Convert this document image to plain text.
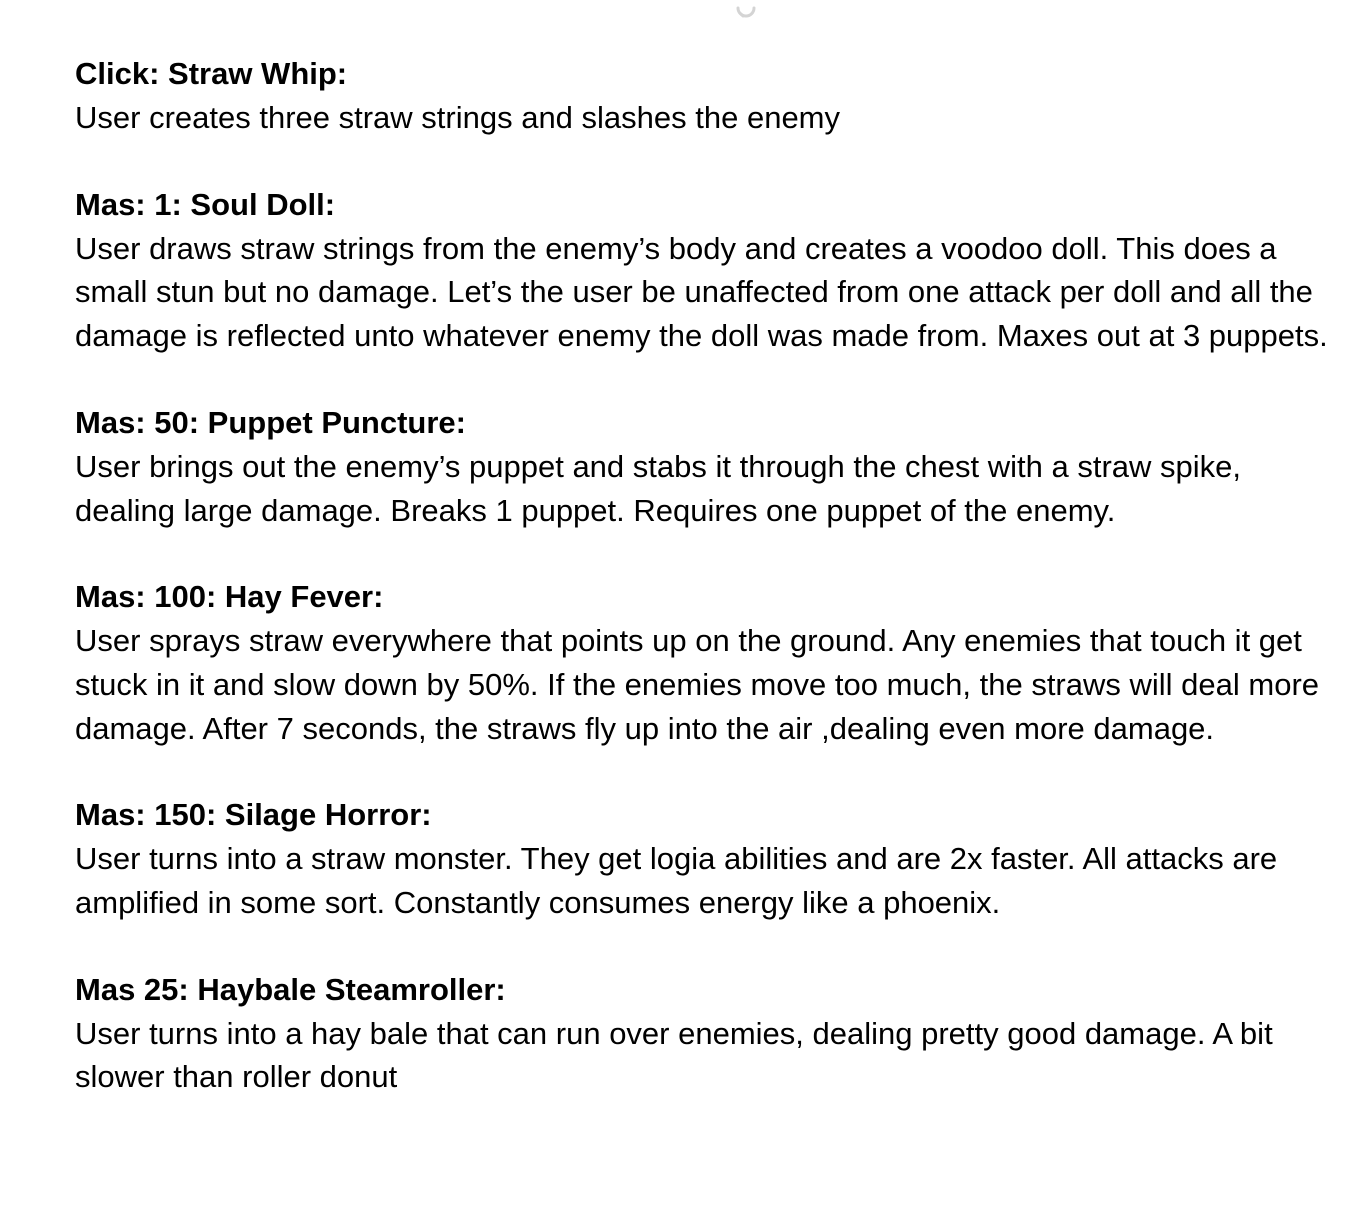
Click: Straw Whip:

User creates three straw strings and slashes the enemy

Mas: 1: Soul Doll:

User draws straw strings from the enemy’s body and creates a voodoo doll. This does a small stun but no damage. Let’s the user be unaffected from one attack per doll and all the damage is reflected unto whatever enemy the doll was made from. Maxes out at 3 puppets.

Mas: 50: Puppet Puncture:

User brings out the enemy’s puppet and stabs it through the chest with a straw spike, dealing large damage. Breaks 1 puppet. Requires one puppet of the enemy.

Mas: 100: Hay Fever:

User sprays straw everywhere that points up on the ground. Any enemies that touch it get stuck in it and slow down by 50%. If the enemies move too much, the straws will deal more damage. After 7 seconds, the straws fly up into the air ,dealing even more damage.

Mas: 150: Silage Horror:

User turns into a straw monster. They get logia abilities and are 2x faster. All attacks are amplified in some sort. Constantly consumes energy like a phoenix.

Mas 25: Haybale Steamroller:

User turns into a hay bale that can run over enemies, dealing pretty good damage. A bit slower than roller donut
